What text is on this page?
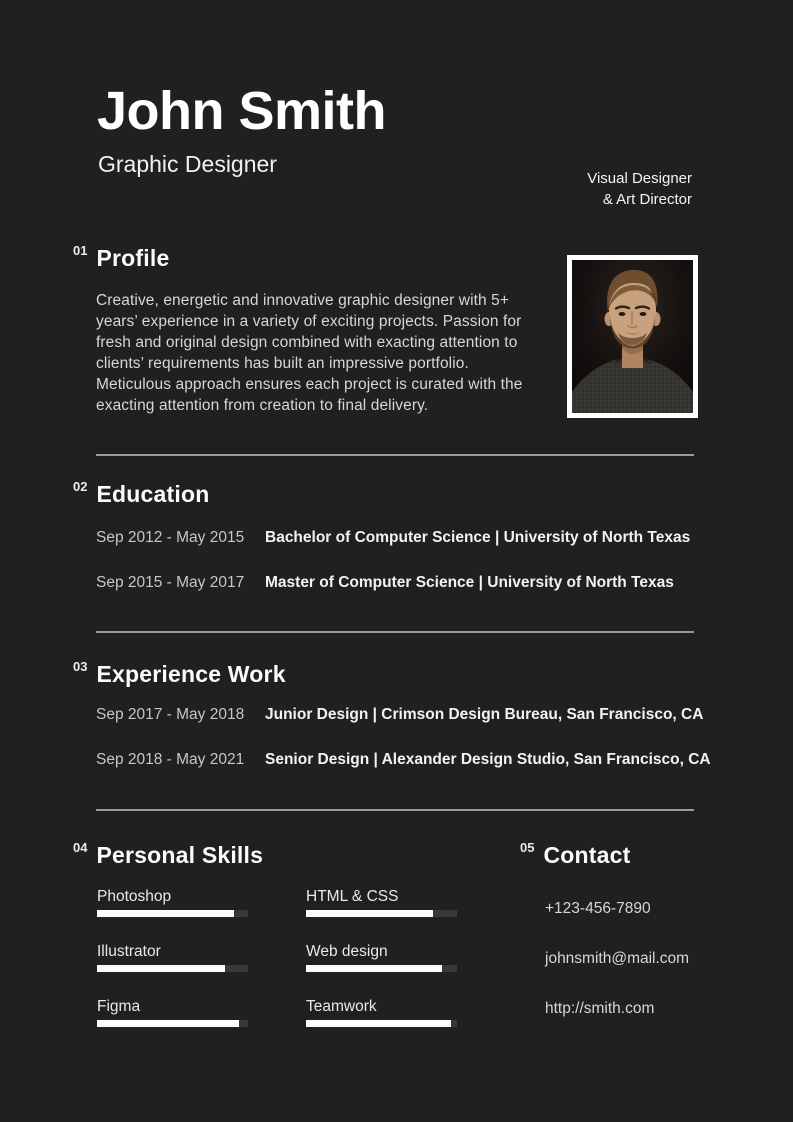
John Smith
Graphic Designer
Visual Designer
& Art Director
01 Profile

Creative, energetic and innovative graphic designer with 5+ years’ experience in a variety of exciting projects. Passion for fresh and original design combined with exacting attention to clients’ requirements has built an impressive portfolio. Meticulous approach ensures each project is curated with the exacting attention from creation to final delivery.

02 Education
Sep 2012 - May 2015	Bachelor of Computer Science | University of North Texas
Sep 2015 - May 2017	Master of Computer Science | University of North Texas
03 Experience Work
Sep 2017 - May 2018	Junior Design | Crimson Design Bureau, San Francisco, CA
Sep 2018 - May 2021	Senior Design | Alexander Design Studio, San Francisco, CA
04 Personal Skills
Photoshop
Illustrator
Figma
HTML & CSS
Web design
Teamwork
05 Contact
+123-456-7890
johnsmith@mail.com
http://smith.com
